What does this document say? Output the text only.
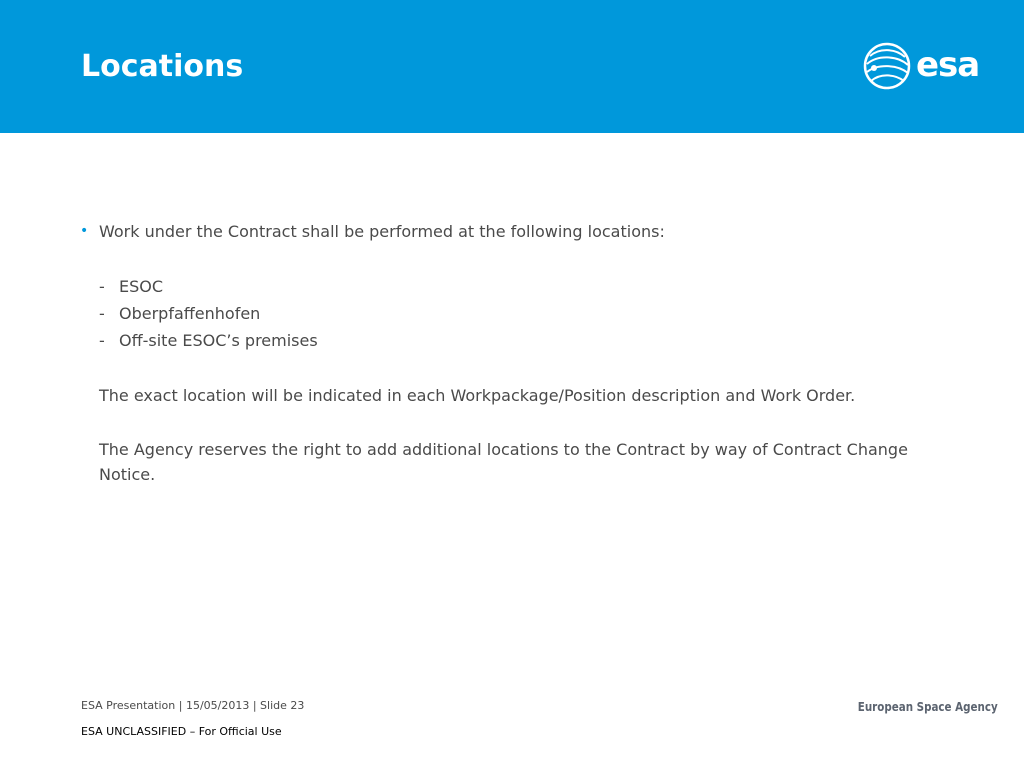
Locations	esa

• Work under the Contract shall be performed at the following locations:

- ESOC
- Oberpfaffenhofen
- Off-site ESOC’s premises

The exact location will be indicated in each Workpackage/Position description and Work Order.

The Agency reserves the right to add additional locations to the Contract by way of Contract Change Notice.

ESA Presentation | 15/05/2013 | Slide 23
ESA UNCLASSIFIED – For Official Use
European Space Agency
